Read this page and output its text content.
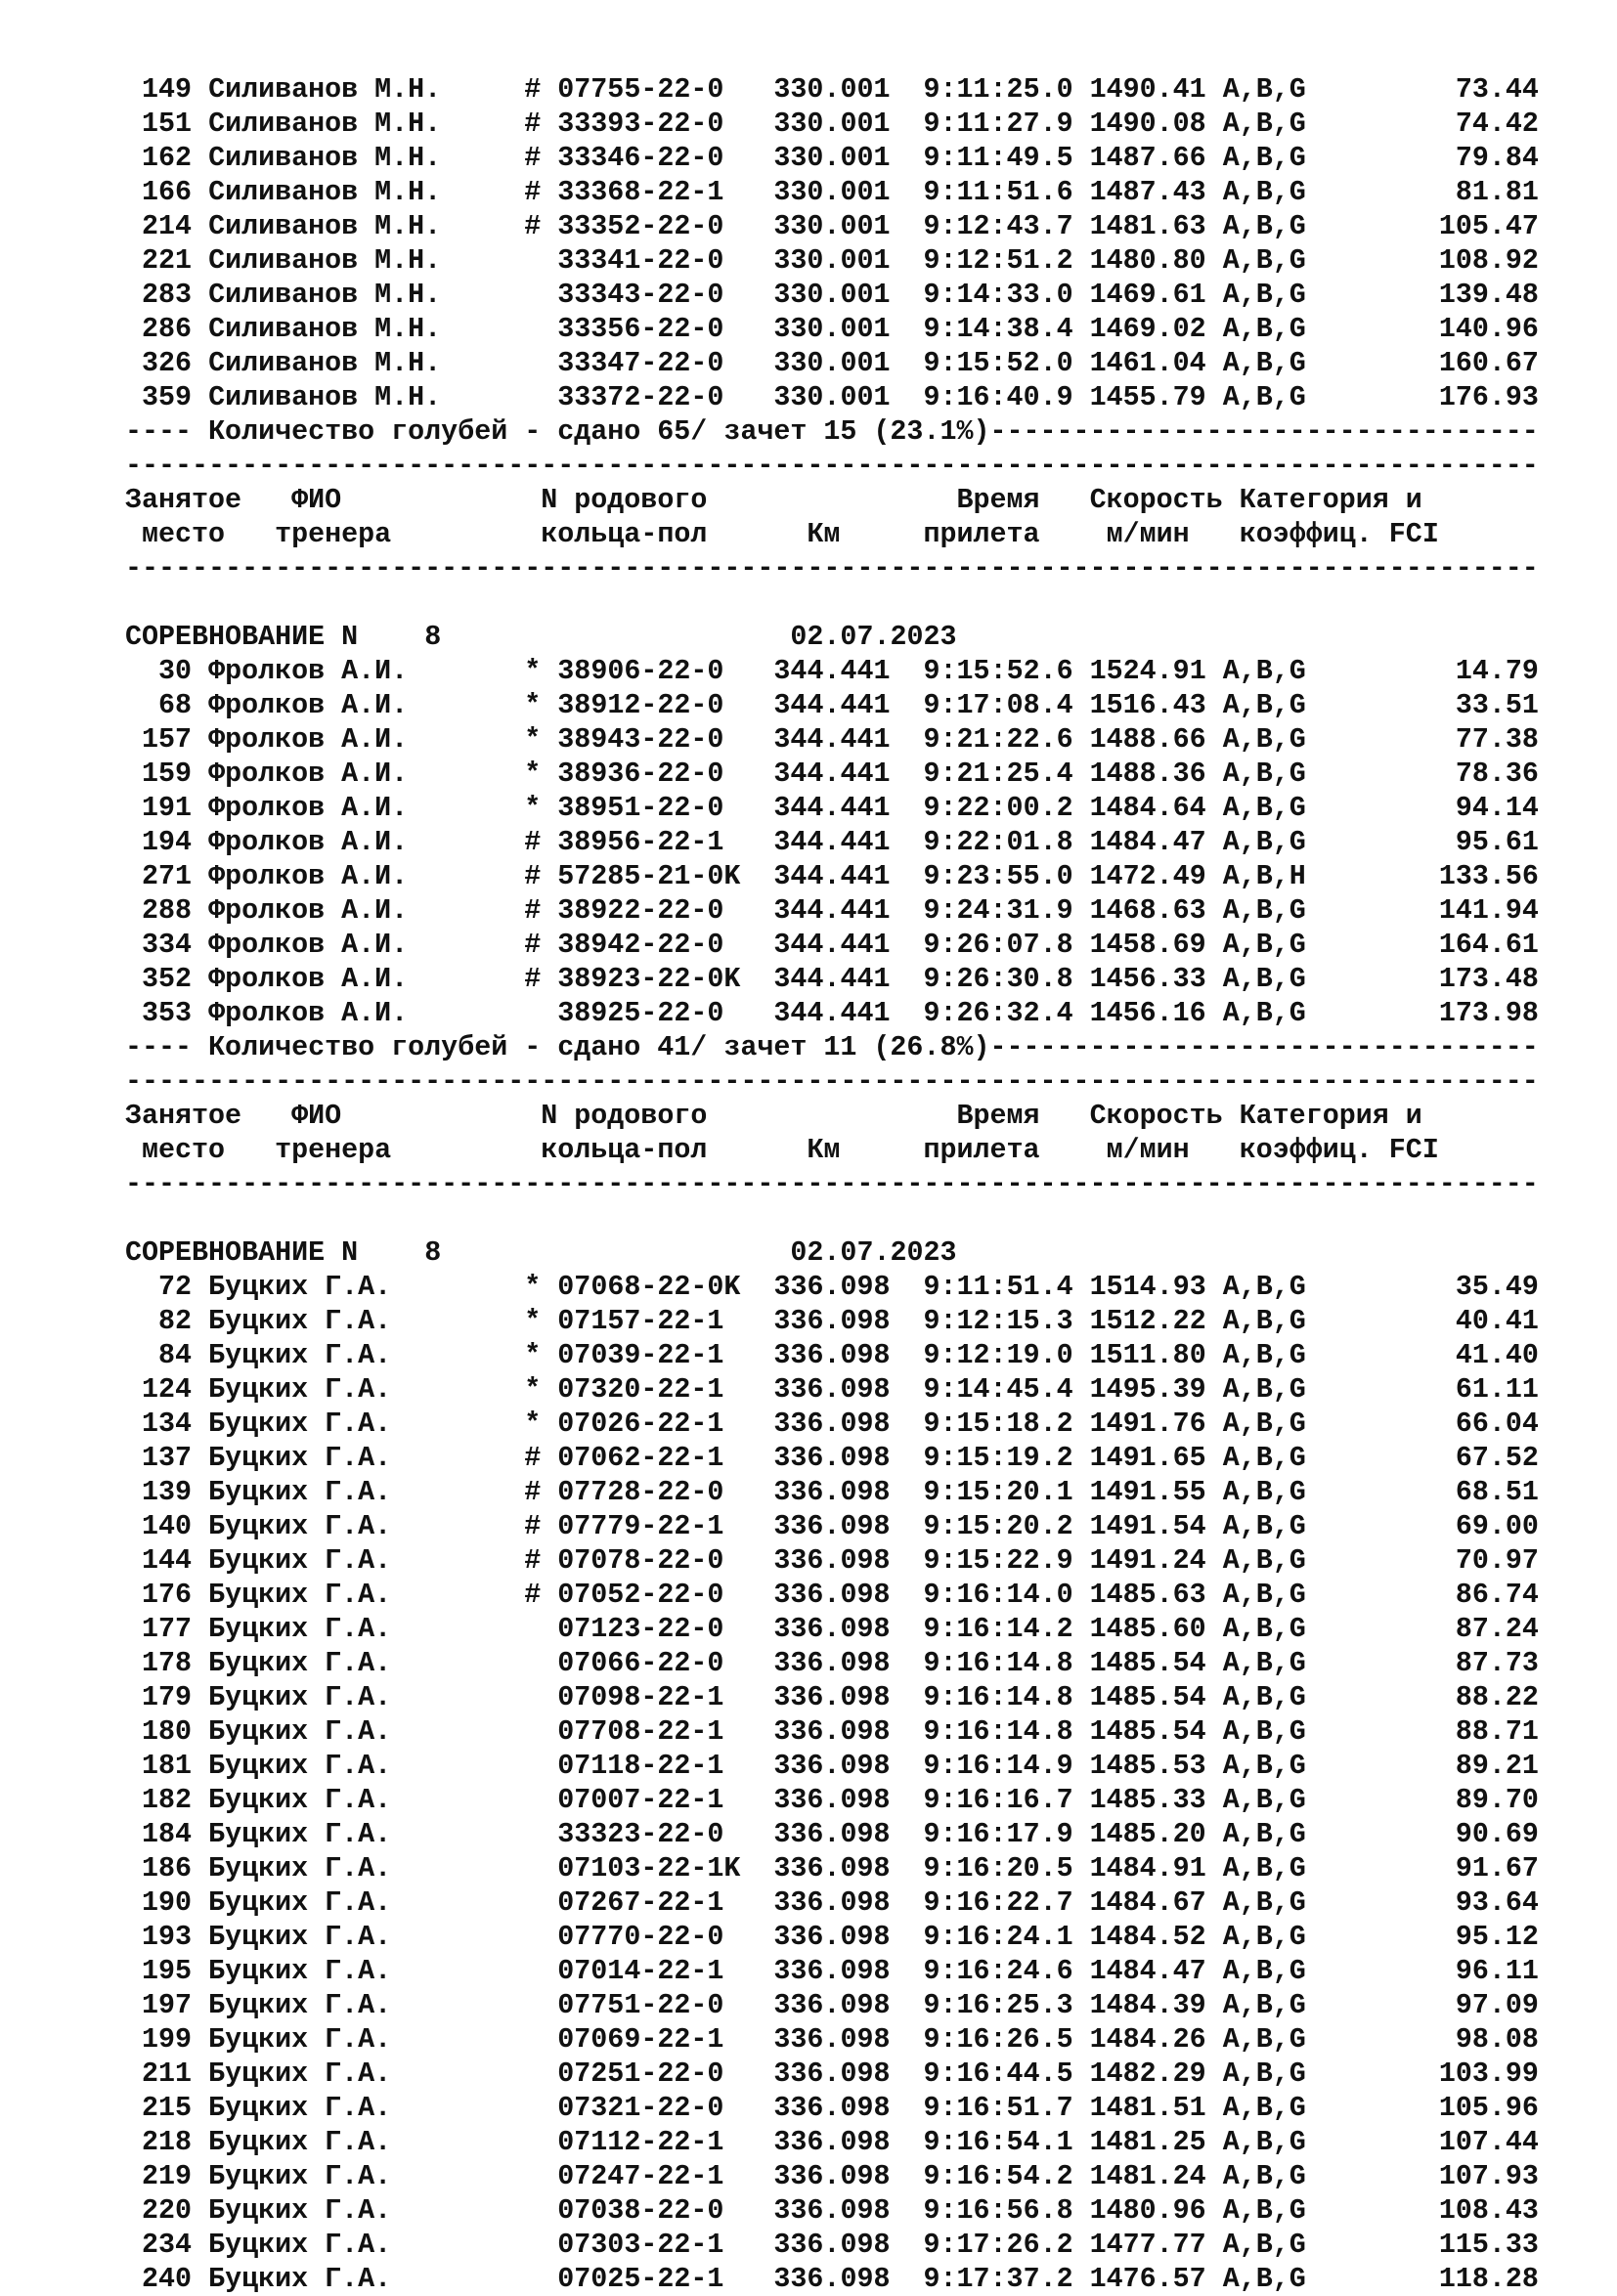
149 Силиванов М.Н.	# 07755-22-0 330.001 9:11:25.0 1490.41 A,B,G	73.44
151 Силиванов М.Н.	# 33393-22-0 330.001 9:11:27.9 1490.08 A,B,G	74.42
162 Силиванов М.Н.	# 33346-22-0 330.001 9:11:49.5 1487.66 A,B,G	79.84
166 Силиванов М.Н.	# 33368-22-1 330.001 9:11:51.6 1487.43 A,B,G	81.81
214 Силиванов М.Н.	# 33352-22-0 330.001 9:12:43.7 1481.63 A,B,G	105.47
221 Силиванов М.Н.	33341-22-0 330.001 9:12:51.2 1480.80 A,B,G	108.92
283 Силиванов М.Н.	33343-22-0 330.001 9:14:33.0 1469.61 A,B,G	139.48
286 Силиванов М.Н.	33356-22-0 330.001 9:14:38.4 1469.02 A,B,G	140.96
326 Силиванов М.Н.	33347-22-0 330.001 9:15:52.0 1461.04 A,B,G	160.67
359 Силиванов М.Н.	33372-22-0 330.001 9:16:40.9 1455.79 A,B,G	176.93
---- Количество голубей - сдано 65/ зачет 15 (23.1%)---------------------------------
-------------------------------------------------------------------------------------
Занятое ФИО	N родового	Время Скорость Категория и
место тренера	кольца-пол	Км	прилета м/мин коэффиц. FCI
-------------------------------------------------------------------------------------
СОРЕВНОВАНИЕ N 8	02.07.2023
30 Фролков А.И.	* 38906-22-0 344.441 9:15:52.6 1524.91 A,B,G	14.79
68 Фролков А.И.	* 38912-22-0 344.441 9:17:08.4 1516.43 A,B,G	33.51
157 Фролков А.И.	* 38943-22-0 344.441 9:21:22.6 1488.66 A,B,G	77.38
159 Фролков А.И.	* 38936-22-0 344.441 9:21:25.4 1488.36 A,B,G	78.36
191 Фролков А.И.	* 38951-22-0 344.441 9:22:00.2 1484.64 A,B,G	94.14
194 Фролков А.И.	# 38956-22-1 344.441 9:22:01.8 1484.47 A,B,G	95.61
271 Фролков А.И.	# 57285-21-0K 344.441 9:23:55.0 1472.49 A,B,H	133.56
288 Фролков А.И.	# 38922-22-0 344.441 9:24:31.9 1468.63 A,B,G	141.94
334 Фролков А.И.	# 38942-22-0 344.441 9:26:07.8 1458.69 A,B,G	164.61
352 Фролков А.И.	# 38923-22-0K 344.441 9:26:30.8 1456.33 A,B,G	173.48
353 Фролков А.И.	38925-22-0 344.441 9:26:32.4 1456.16 A,B,G	173.98
---- Количество голубей - сдано 41/ зачет 11 (26.8%)---------------------------------
-------------------------------------------------------------------------------------
Занятое ФИО	N родового	Время Скорость Категория и
место тренера	кольца-пол	Км	прилета м/мин коэффиц. FCI
-------------------------------------------------------------------------------------
СОРЕВНОВАНИЕ N 8	02.07.2023
72 Буцких Г.А.	* 07068-22-0K 336.098 9:11:51.4 1514.93 A,B,G	35.49
82 Буцких Г.А.	* 07157-22-1 336.098 9:12:15.3 1512.22 A,B,G	40.41
84 Буцких Г.А.	* 07039-22-1 336.098 9:12:19.0 1511.80 A,B,G	41.40
124 Буцких Г.А.	* 07320-22-1 336.098 9:14:45.4 1495.39 A,B,G	61.11
134 Буцких Г.А.	* 07026-22-1 336.098 9:15:18.2 1491.76 A,B,G	66.04
137 Буцких Г.А.	# 07062-22-1 336.098 9:15:19.2 1491.65 A,B,G	67.52
139 Буцких Г.А.	# 07728-22-0 336.098 9:15:20.1 1491.55 A,B,G	68.51
140 Буцких Г.А.	# 07779-22-1 336.098 9:15:20.2 1491.54 A,B,G	69.00
144 Буцких Г.А.	# 07078-22-0 336.098 9:15:22.9 1491.24 A,B,G	70.97
176 Буцких Г.А.	# 07052-22-0 336.098 9:16:14.0 1485.63 A,B,G	86.74
177 Буцких Г.А.	07123-22-0 336.098 9:16:14.2 1485.60 A,B,G	87.24
178 Буцких Г.А.	07066-22-0 336.098 9:16:14.8 1485.54 A,B,G	87.73
179 Буцких Г.А.	07098-22-1 336.098 9:16:14.8 1485.54 A,B,G	88.22
180 Буцких Г.А.	07708-22-1 336.098 9:16:14.8 1485.54 A,B,G	88.71
181 Буцких Г.А.	07118-22-1 336.098 9:16:14.9 1485.53 A,B,G	89.21
182 Буцких Г.А.	07007-22-1 336.098 9:16:16.7 1485.33 A,B,G	89.70
184 Буцких Г.А.	33323-22-0 336.098 9:16:17.9 1485.20 A,B,G	90.69
186 Буцких Г.А.	07103-22-1K 336.098 9:16:20.5 1484.91 A,B,G	91.67
190 Буцких Г.А.	07267-22-1 336.098 9:16:22.7 1484.67 A,B,G	93.64
193 Буцких Г.А.	07770-22-0 336.098 9:16:24.1 1484.52 A,B,G	95.12
195 Буцких Г.А.	07014-22-1 336.098 9:16:24.6 1484.47 A,B,G	96.11
197 Буцких Г.А.	07751-22-0 336.098 9:16:25.3 1484.39 A,B,G	97.09
199 Буцких Г.А.	07069-22-1 336.098 9:16:26.5 1484.26 A,B,G	98.08
211 Буцких Г.А.	07251-22-0 336.098 9:16:44.5 1482.29 A,B,G	103.99
215 Буцких Г.А.	07321-22-0 336.098 9:16:51.7 1481.51 A,B,G	105.96
218 Буцких Г.А.	07112-22-1 336.098 9:16:54.1 1481.25 A,B,G	107.44
219 Буцких Г.А.	07247-22-1 336.098 9:16:54.2 1481.24 A,B,G	107.93
220 Буцких Г.А.	07038-22-0 336.098 9:16:56.8 1480.96 A,B,G	108.43
234 Буцких Г.А.	07303-22-1 336.098 9:17:26.2 1477.77 A,B,G	115.33
240 Буцких Г.А.	07025-22-1 336.098 9:17:37.2 1476.57 A,B,G	118.28
